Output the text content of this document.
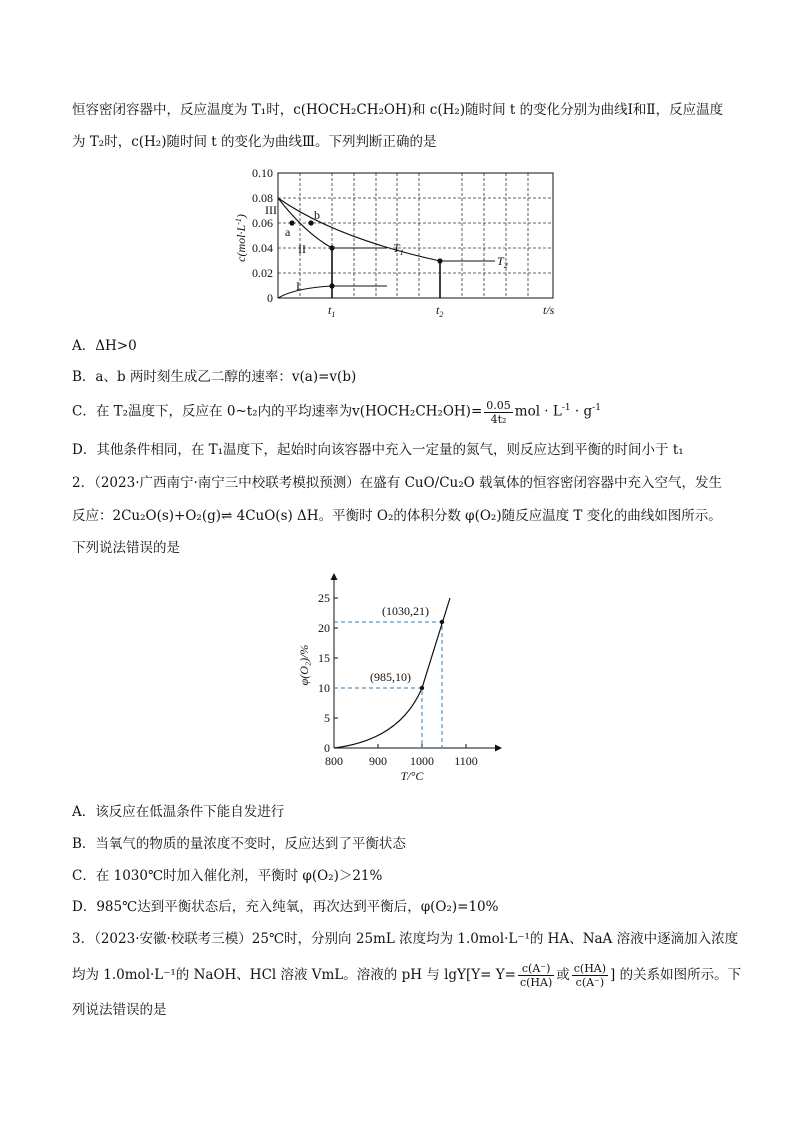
恒容密闭容器中，反应温度为 T₁时，c(HOCH₂CH₂OH)和 c(H₂)随时间 t 的变化分别为曲线Ⅰ和Ⅱ，反应温度
为 T₂时，c(H₂)随时间 t 的变化为曲线Ⅲ。下列判断正确的是
0.10
0.08
0.06
0.04
0.02
0
$c(mol\cdot L^{-1})$ III
a
b
II
I
$T_1$
$T_2$
$t_1$	$t_2$	t/s
A．ΔH>0
B．a、b 两时刻生成乙二醇的速率：v(a)=v(b)
C．在 T₂温度下，反应在 0~t₂内的平均速率为v(HOCH₂CH₂OH)= $\frac{0.05}{\text{4t₂}}$ mol · $L^{-1} \cdot g^{-1}$
D．其他条件相同，在 T₁温度下，起始时向该容器中充入一定量的氮气，则反应达到平衡的时间小于 t₁
2．（2023·广西南宁·南宁三中校联考模拟预测）在盛有 CuO/Cu₂O 载氧体的恒容密闭容器中充入空气，发生
反应：2Cu₂O(s)+O₂(g)⇌ 4CuO(s) ΔH。平衡时 O₂的体积分数 φ(O₂)随反应温度 T 变化的曲线如图所示。
下列说法错误的是
25
20
15
10
5
0
800 900 1000 1100
T/°C
φ(O₂)/%
(1030,21)
(985,10)
A．该反应在低温条件下能自发进行
B．当氧气的物质的量浓度不变时，反应达到了平衡状态
C．在 1030℃时加入催化剂，平衡时 φ(O₂)＞21%
D．985℃达到平衡状态后，充入纯氧，再次达到平衡后，φ(O₂)=10%
3．（2023·安徽·校联考三模）25℃时，分别向 25mL 浓度均为 1.0mol·L⁻¹的 HA、NaA 溶液中逐滴加入浓度
均为 1.0mol·L⁻¹的 NaOH、HCl 溶液 VmL。溶液的 pH 与 $\lg Y[Y= Y= \frac{c(A^-)}{c(HA)}$ 或 $\frac{c(HA)}{c(A^-)}$ ] 的关系如图所示。下
列说法错误的是
